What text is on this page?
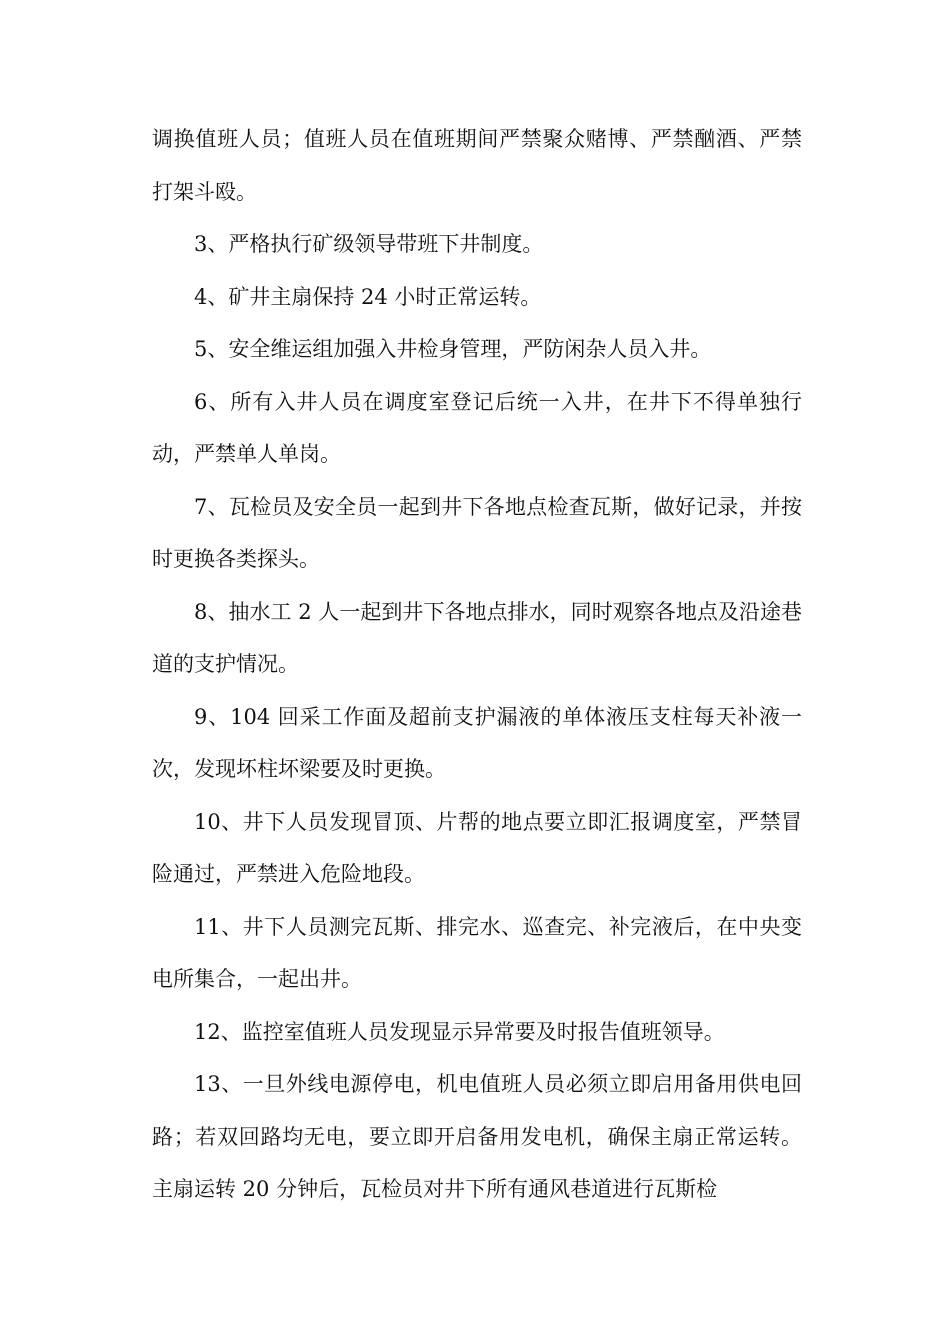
调换值班人员；值班人员在值班期间严禁聚众赌博、严禁酗酒、严禁打架斗殴。

3、严格执行矿级领导带班下井制度。

4、矿井主扇保持 24 小时正常运转。

5、安全维运组加强入井检身管理，严防闲杂人员入井。

6、所有入井人员在调度室登记后统一入井，在井下不得单独行动，严禁单人单岗。

7、瓦检员及安全员一起到井下各地点检查瓦斯，做好记录，并按时更换各类探头。

8、抽水工 2 人一起到井下各地点排水，同时观察各地点及沿途巷道的支护情况。

9、104 回采工作面及超前支护漏液的单体液压支柱每天补液一次，发现坏柱坏梁要及时更换。

10、井下人员发现冒顶、片帮的地点要立即汇报调度室，严禁冒险通过，严禁进入危险地段。

11、井下人员测完瓦斯、排完水、巡查完、补完液后，在中央变电所集合，一起出井。

12、监控室值班人员发现显示异常要及时报告值班领导。

13、一旦外线电源停电，机电值班人员必须立即启用备用供电回路；若双回路均无电，要立即开启备用发电机，确保主扇正常运转。主扇运转 20 分钟后，瓦检员对井下所有通风巷道进行瓦斯检
